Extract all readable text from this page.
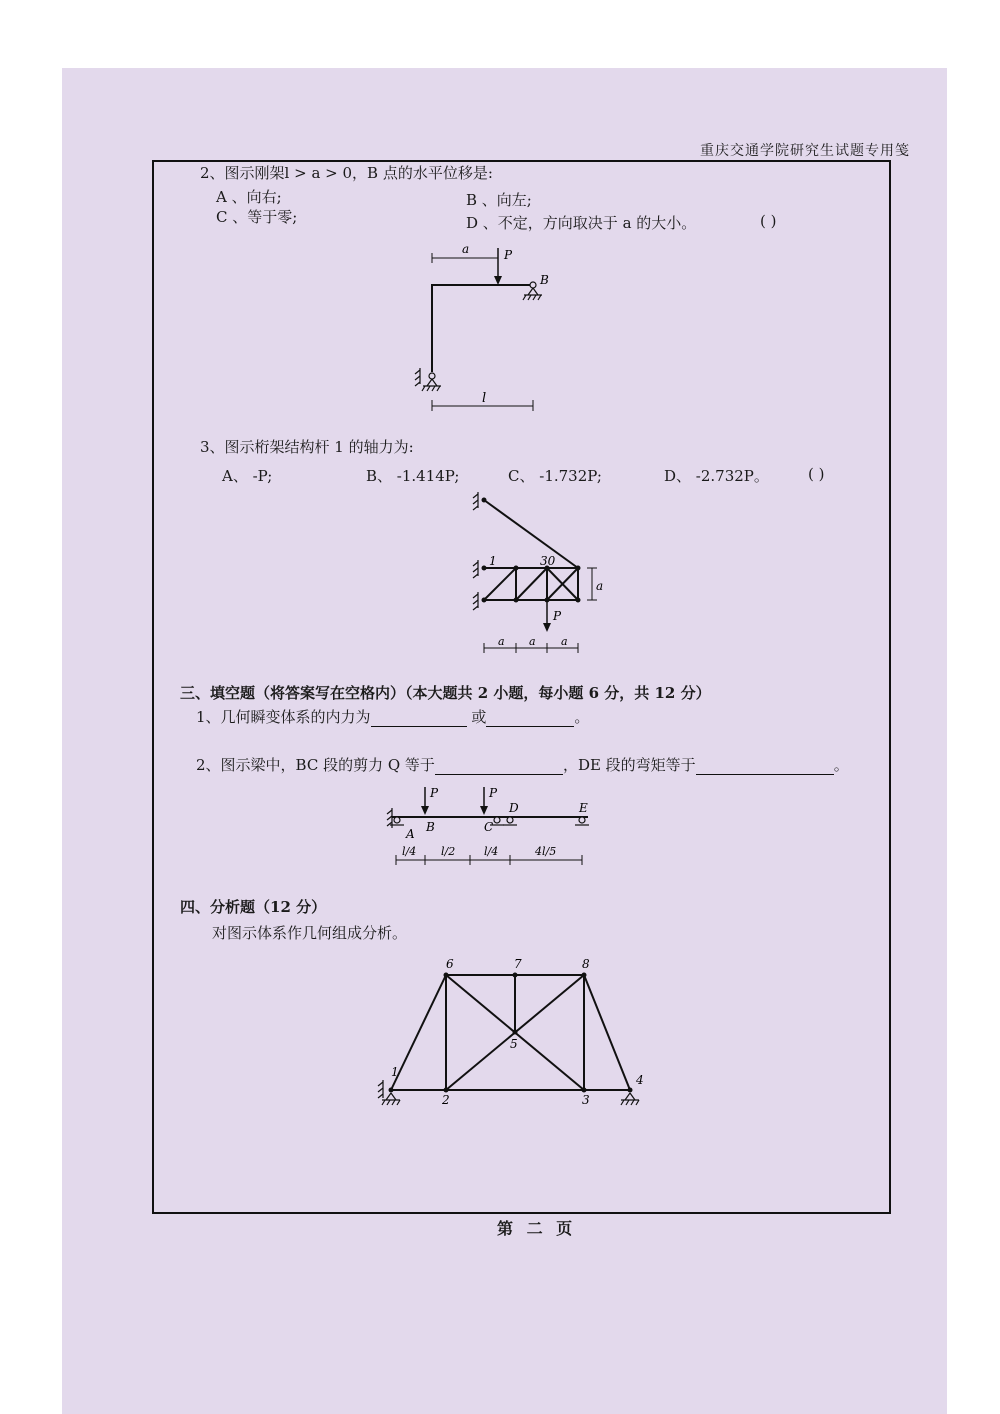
重庆交通学院研究生试题专用笺
2、图示刚架l > a > 0，B 点的水平位移是:
A 、向右;	B 、向左;
C 、等于零;	D 、不定，方向取决于 a 的大小。	( )
a	P
B
l
3、图示桁架结构杆 1 的轴力为:
A、 -P;	B、 -1.414P;	C、 -1.732P;	D、 -2.732P。	( )
1	30
P
a
a a a
三、填空题（将答案写在空格内）（本大题共 2 小题，每小题 6 分，共 12 分）
1、几何瞬变体系的内力为	或	。
2、图示梁中，BC 段的剪力 Q 等于	，DE 段的弯矩等于	。
P	P
A B	C
D	E
l/4 l/2	l/4	4l/5
四、分析题（12 分）
对图示体系作几何组成分析。
1
2	3
4
5
6	7	8
第 二 页
